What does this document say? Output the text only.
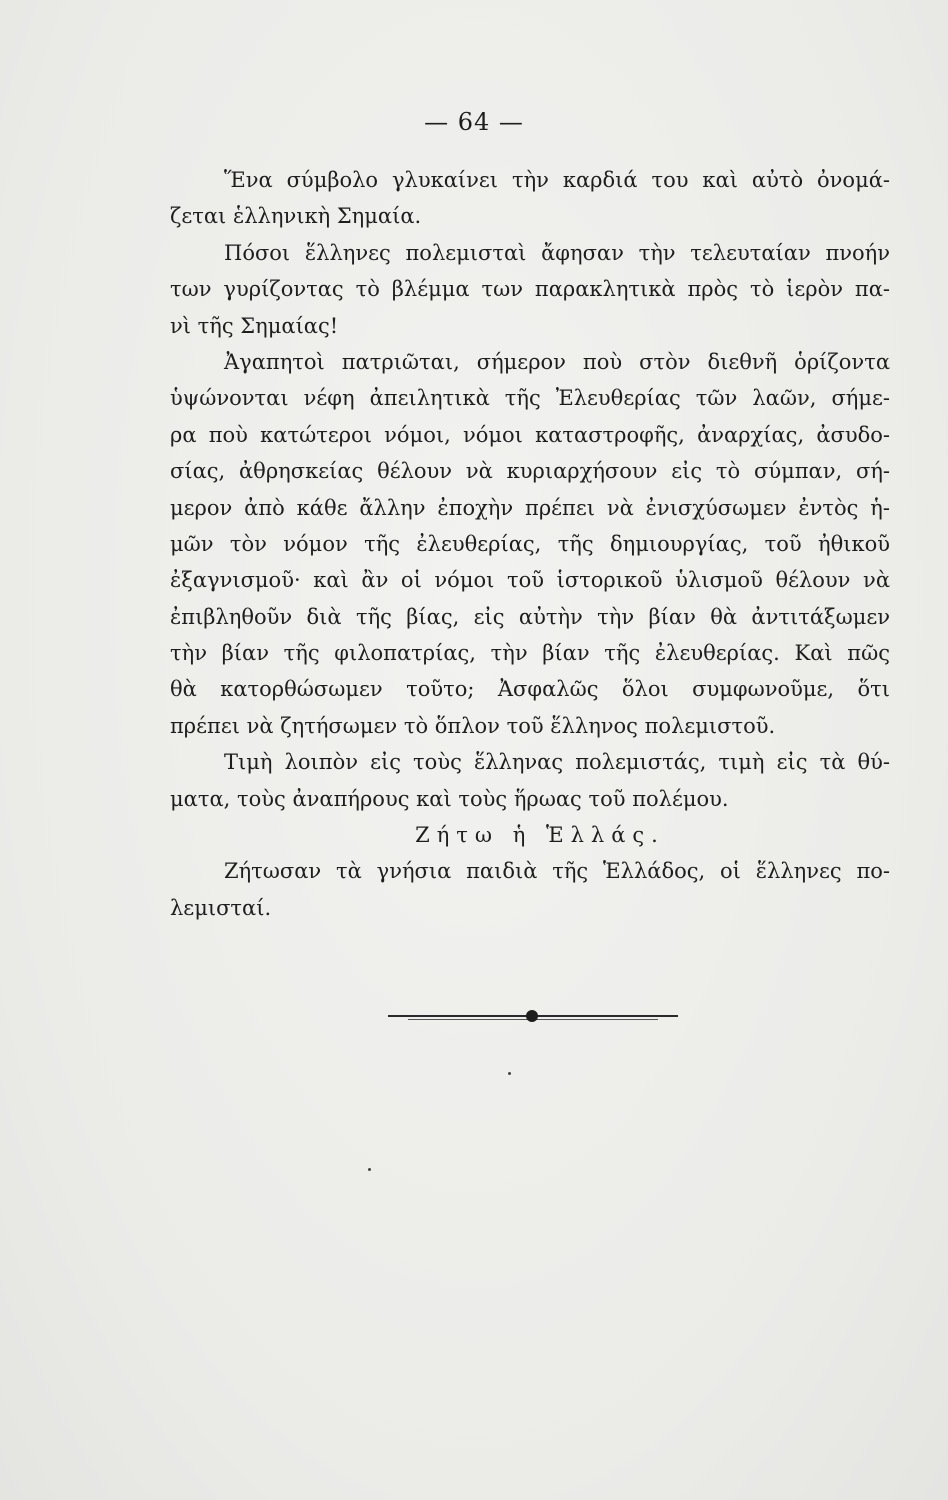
— 64 —
Ἕνα σύμβολο γλυκαίνει τὴν καρδιά του καὶ αὐτὸ ὀνομά-
ζεται ἑλληνικὴ Σημαία.
Πόσοι ἕλληνες πολεμισταὶ ἄφησαν τὴν τελευταίαν πνοήν
των γυρίζοντας τὸ βλέμμα των παρακλητικὰ πρὸς τὸ ἱερὸν πα-
νὶ τῆς Σημαίας!
Ἀγαπητοὶ πατριῶται, σήμερον ποὺ στὸν διεθνῆ ὁρίζοντα
ὑψώνονται νέφη ἀπειλητικὰ τῆς Ἐλευθερίας τῶν λαῶν, σήμε-
ρα ποὺ κατώτεροι νόμοι, νόμοι καταστροφῆς, ἀναρχίας, ἀσυδο-
σίας, ἀθρησκείας θέλουν νὰ κυριαρχήσουν εἰς τὸ σύμπαν, σή-
μερον ἀπὸ κάθε ἄλλην ἐποχὴν πρέπει νὰ ἐνισχύσωμεν ἐντὸς ἡ-
μῶν τὸν νόμον τῆς ἐλευθερίας, τῆς δημιουργίας, τοῦ ἠθικοῦ
ἐξαγνισμοῦ· καὶ ἂν οἱ νόμοι τοῦ ἱστορικοῦ ὑλισμοῦ θέλουν νὰ
ἐπιβληθοῦν διὰ τῆς βίας, εἰς αὐτὴν τὴν βίαν θὰ ἀντιτάξωμεν
τὴν βίαν τῆς φιλοπατρίας, τὴν βίαν τῆς ἐλευθερίας. Καὶ πῶς
θὰ κατορθώσωμεν τοῦτο; Ἀσφαλῶς ὅλοι συμφωνοῦμε, ὅτι
πρέπει νὰ ζητήσωμεν τὸ ὅπλον τοῦ ἕλληνος πολεμιστοῦ.
Τιμὴ λοιπὸν εἰς τοὺς ἕλληνας πολεμιστάς, τιμὴ εἰς τὰ θύ-
ματα, τοὺς ἀναπήρους καὶ τοὺς ἥρωας τοῦ πολέμου.
Ζήτω ἡ Ἑλλάς.
Ζήτωσαν τὰ γνήσια παιδιὰ τῆς Ἑλλάδος, οἱ ἕλληνες πο-
λεμισταί.
